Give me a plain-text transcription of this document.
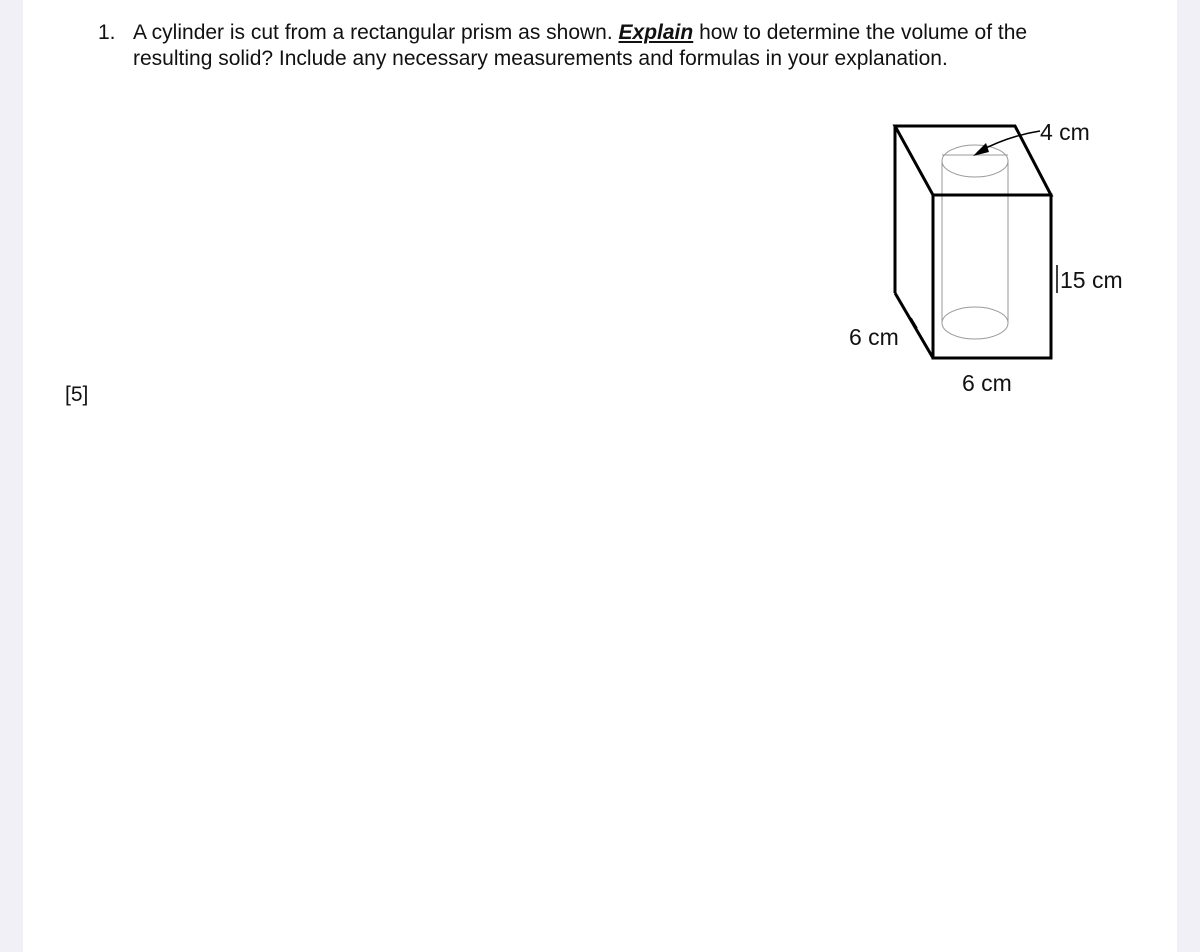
1. A cylinder is cut from a rectangular prism as shown. Explain how to determine the volume of the
resulting solid? Include any necessary measurements and formulas in your explanation.
[5]
4 cm
15 cm
6 cm
6 cm
